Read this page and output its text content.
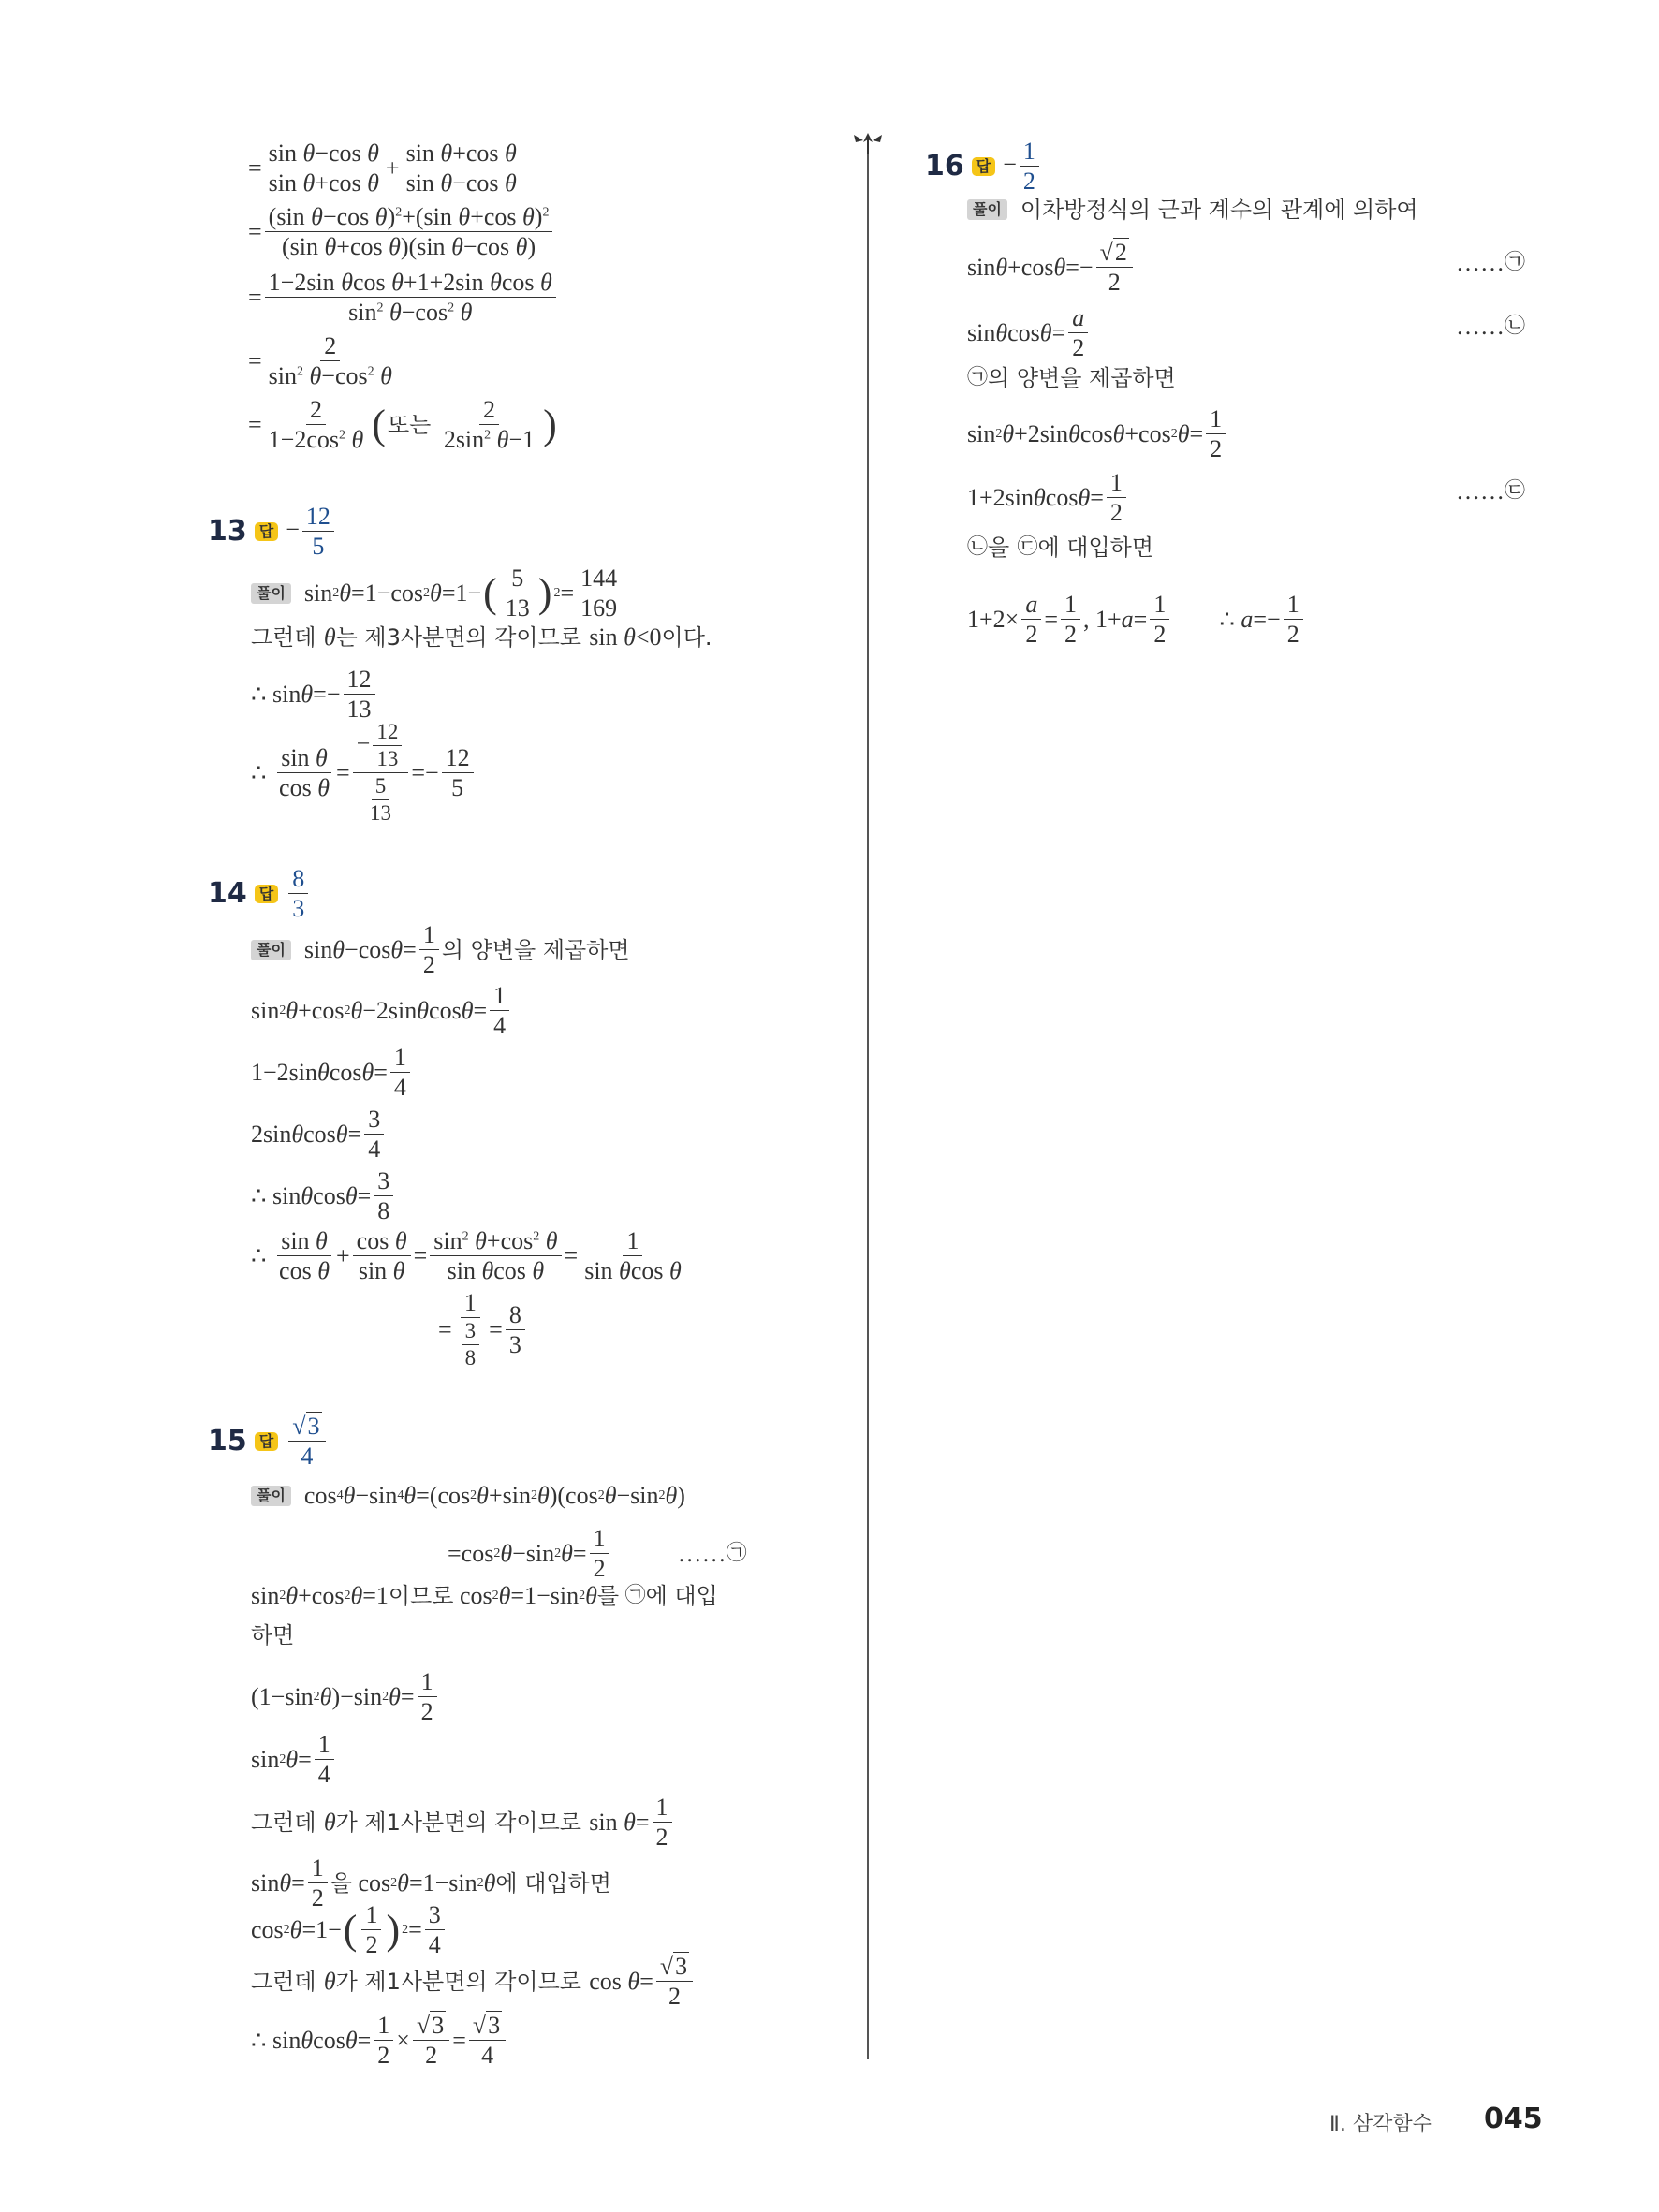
=
sin θ−cos θ
sin θ+cos θ
+
sin θ+cos θ
sin θ−cos θ
=
(sin θ−cos θ)$^2$+(sin θ+cos θ)$^2$
(sin θ+cos θ)(sin θ−cos θ)
=
1−2sin θcos θ+1+2sin θcos θ
$\sin^2 \theta-\cos^2$ θ
=
2
$\sin^2 \theta-\cos^2$ θ
=
2
$1-2\cos^2$ θ ( 또는

2
$2\sin^2$ θ−1 )
13 답 − $\frac{12}{5}$
풀이 sin 2 θ =1−cos 2 θ =1− ( 5
13 ) 2 =
144
169
그런데
θ 는 제3사분면의 각이므로
sin θ<0 이다.
∴ sin θ =−
12
13
∴

sin θ
cos θ
=
− $\frac{12}{13}$
$\frac{5}{13}$
=−
12
5
14 답 $\frac{8}{3}$
풀이 sin θ −cos θ =
1
2
의 양변을 제곱하면
sin 2 θ +cos 2 θ −2sin θ cos θ =
1
4
1−2sin θ cos θ =
1
4
2sin θ cos θ =
3
4
∴ sin θ cos θ =
3
8
∴

sin θ
cos θ
+
cos θ
sin θ
=
$\sin^2 \theta+\cos^2$ θ
sin θcos θ
=
1
sin θcos θ
=
1
$\frac{3}{8}$ =
8
3
15 답 $\frac{√3}{4}$
풀이 cos 4 θ −sin 4 θ =(cos 2 θ +sin 2 θ )(cos 2 θ −sin 2 θ )
=cos 2 θ −sin 2 θ =
1
2
…… ㉠
sin 2 θ +cos 2 θ =1 이므로 cos 2 θ =1−sin 2 θ 를
㉠ 에 대입
하면
(1−sin 2 θ )−sin 2 θ =
1
2
sin 2 θ =
1
4
그런데
θ 가 제1사분면의 각이므로
$\sin \theta= \frac{1}{2}$
sin θ =
1
2
을 cos 2 θ =1−sin 2 θ 에 대입하면
cos 2 θ =1− ( 1
2 ) 2 =
3
4
그런데
θ 가 제1사분면의 각이므로
$\cos \theta= \frac{√3}{2}$
∴ sin θ cos θ =
1
2
×
√3
2
=
√3
4
16 답 − $\frac{1}{2}$
풀이 이차방정식의 근과 계수의 관계에 의하여
sin θ +cos θ =−
√2
2
…… ㉠
sin θ cos θ =
a
2
…… ㉡
㉠ 의 양변을 제곱하면
sin 2 θ +2sin θ cos θ +cos 2 θ =
1
2
1+2sin θ cos θ =
1
2
…… ㉢
㉡ 을
㉢ 에 대입하면
1+2×
a
2
=
1
2
, 1+ a =
1
2
∴
a =−
1
2
Ⅱ. 삼각함수 045
